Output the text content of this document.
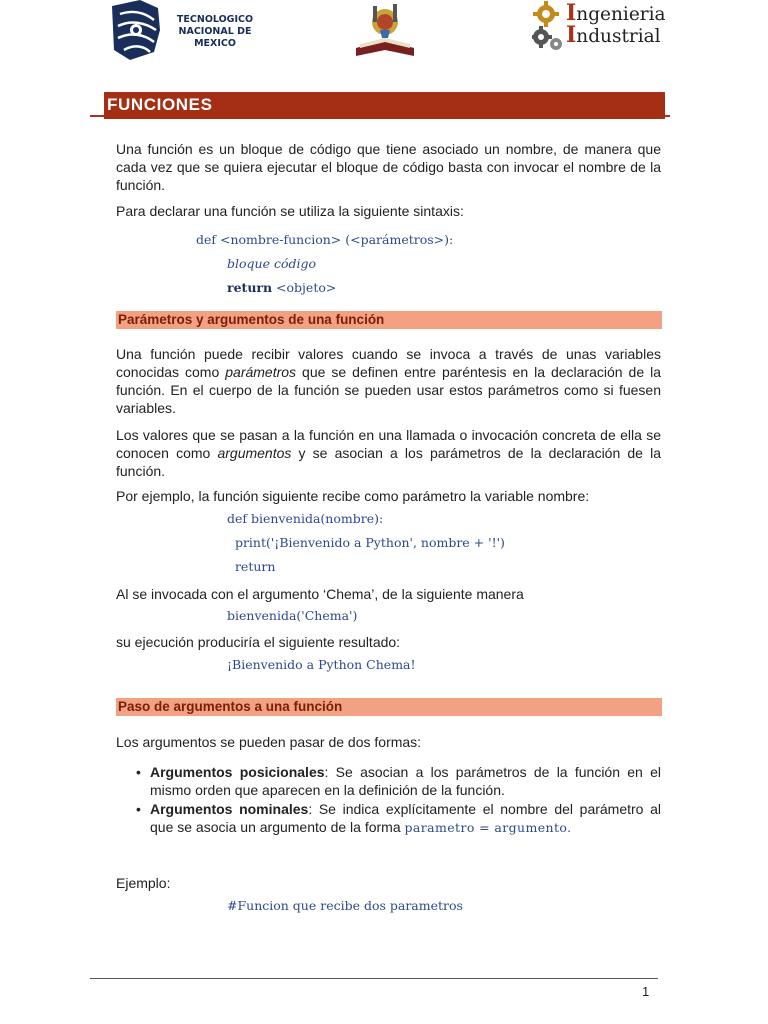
TECNOLOGICO
NACIONAL DE MEXICO
Ingenieria
Industrial
FUNCIONES
Una función es un bloque de código que tiene asociado un nombre, de manera que cada vez que se quiera ejecutar el bloque de código basta con invocar el nombre de la función.
Para declarar una función se utiliza la siguiente sintaxis:
def <nombre-funcion> (<parámetros>):
bloque código
return <objeto>
Parámetros y argumentos de una función
Una función puede recibir valores cuando se invoca a través de unas variables conocidas como parámetros que se definen entre paréntesis en la declaración de la función. En el cuerpo de la función se pueden usar estos parámetros como si fuesen variables.
Los valores que se pasan a la función en una llamada o invocación concreta de ella se conocen como argumentos y se asocian a los parámetros de la declaración de la función.
Por ejemplo, la función siguiente recibe como parámetro la variable nombre:
def bienvenida(nombre):
print('¡Bienvenido a Python', nombre + '!')
return
Al se invocada con el argumento ‘Chema’, de la siguiente manera
bienvenida('Chema')
su ejecución produciría el siguiente resultado:
¡Bienvenido a Python Chema!
Paso de argumentos a una función
Los argumentos se pueden pasar de dos formas:
• Argumentos posicionales: Se asocian a los parámetros de la función en el mismo orden que aparecen en la definición de la función.
• Argumentos nominales: Se indica explícitamente el nombre del parámetro al que se asocia un argumento de la forma parametro = argumento.
Ejemplo:
#Funcion que recibe dos parametros
1
